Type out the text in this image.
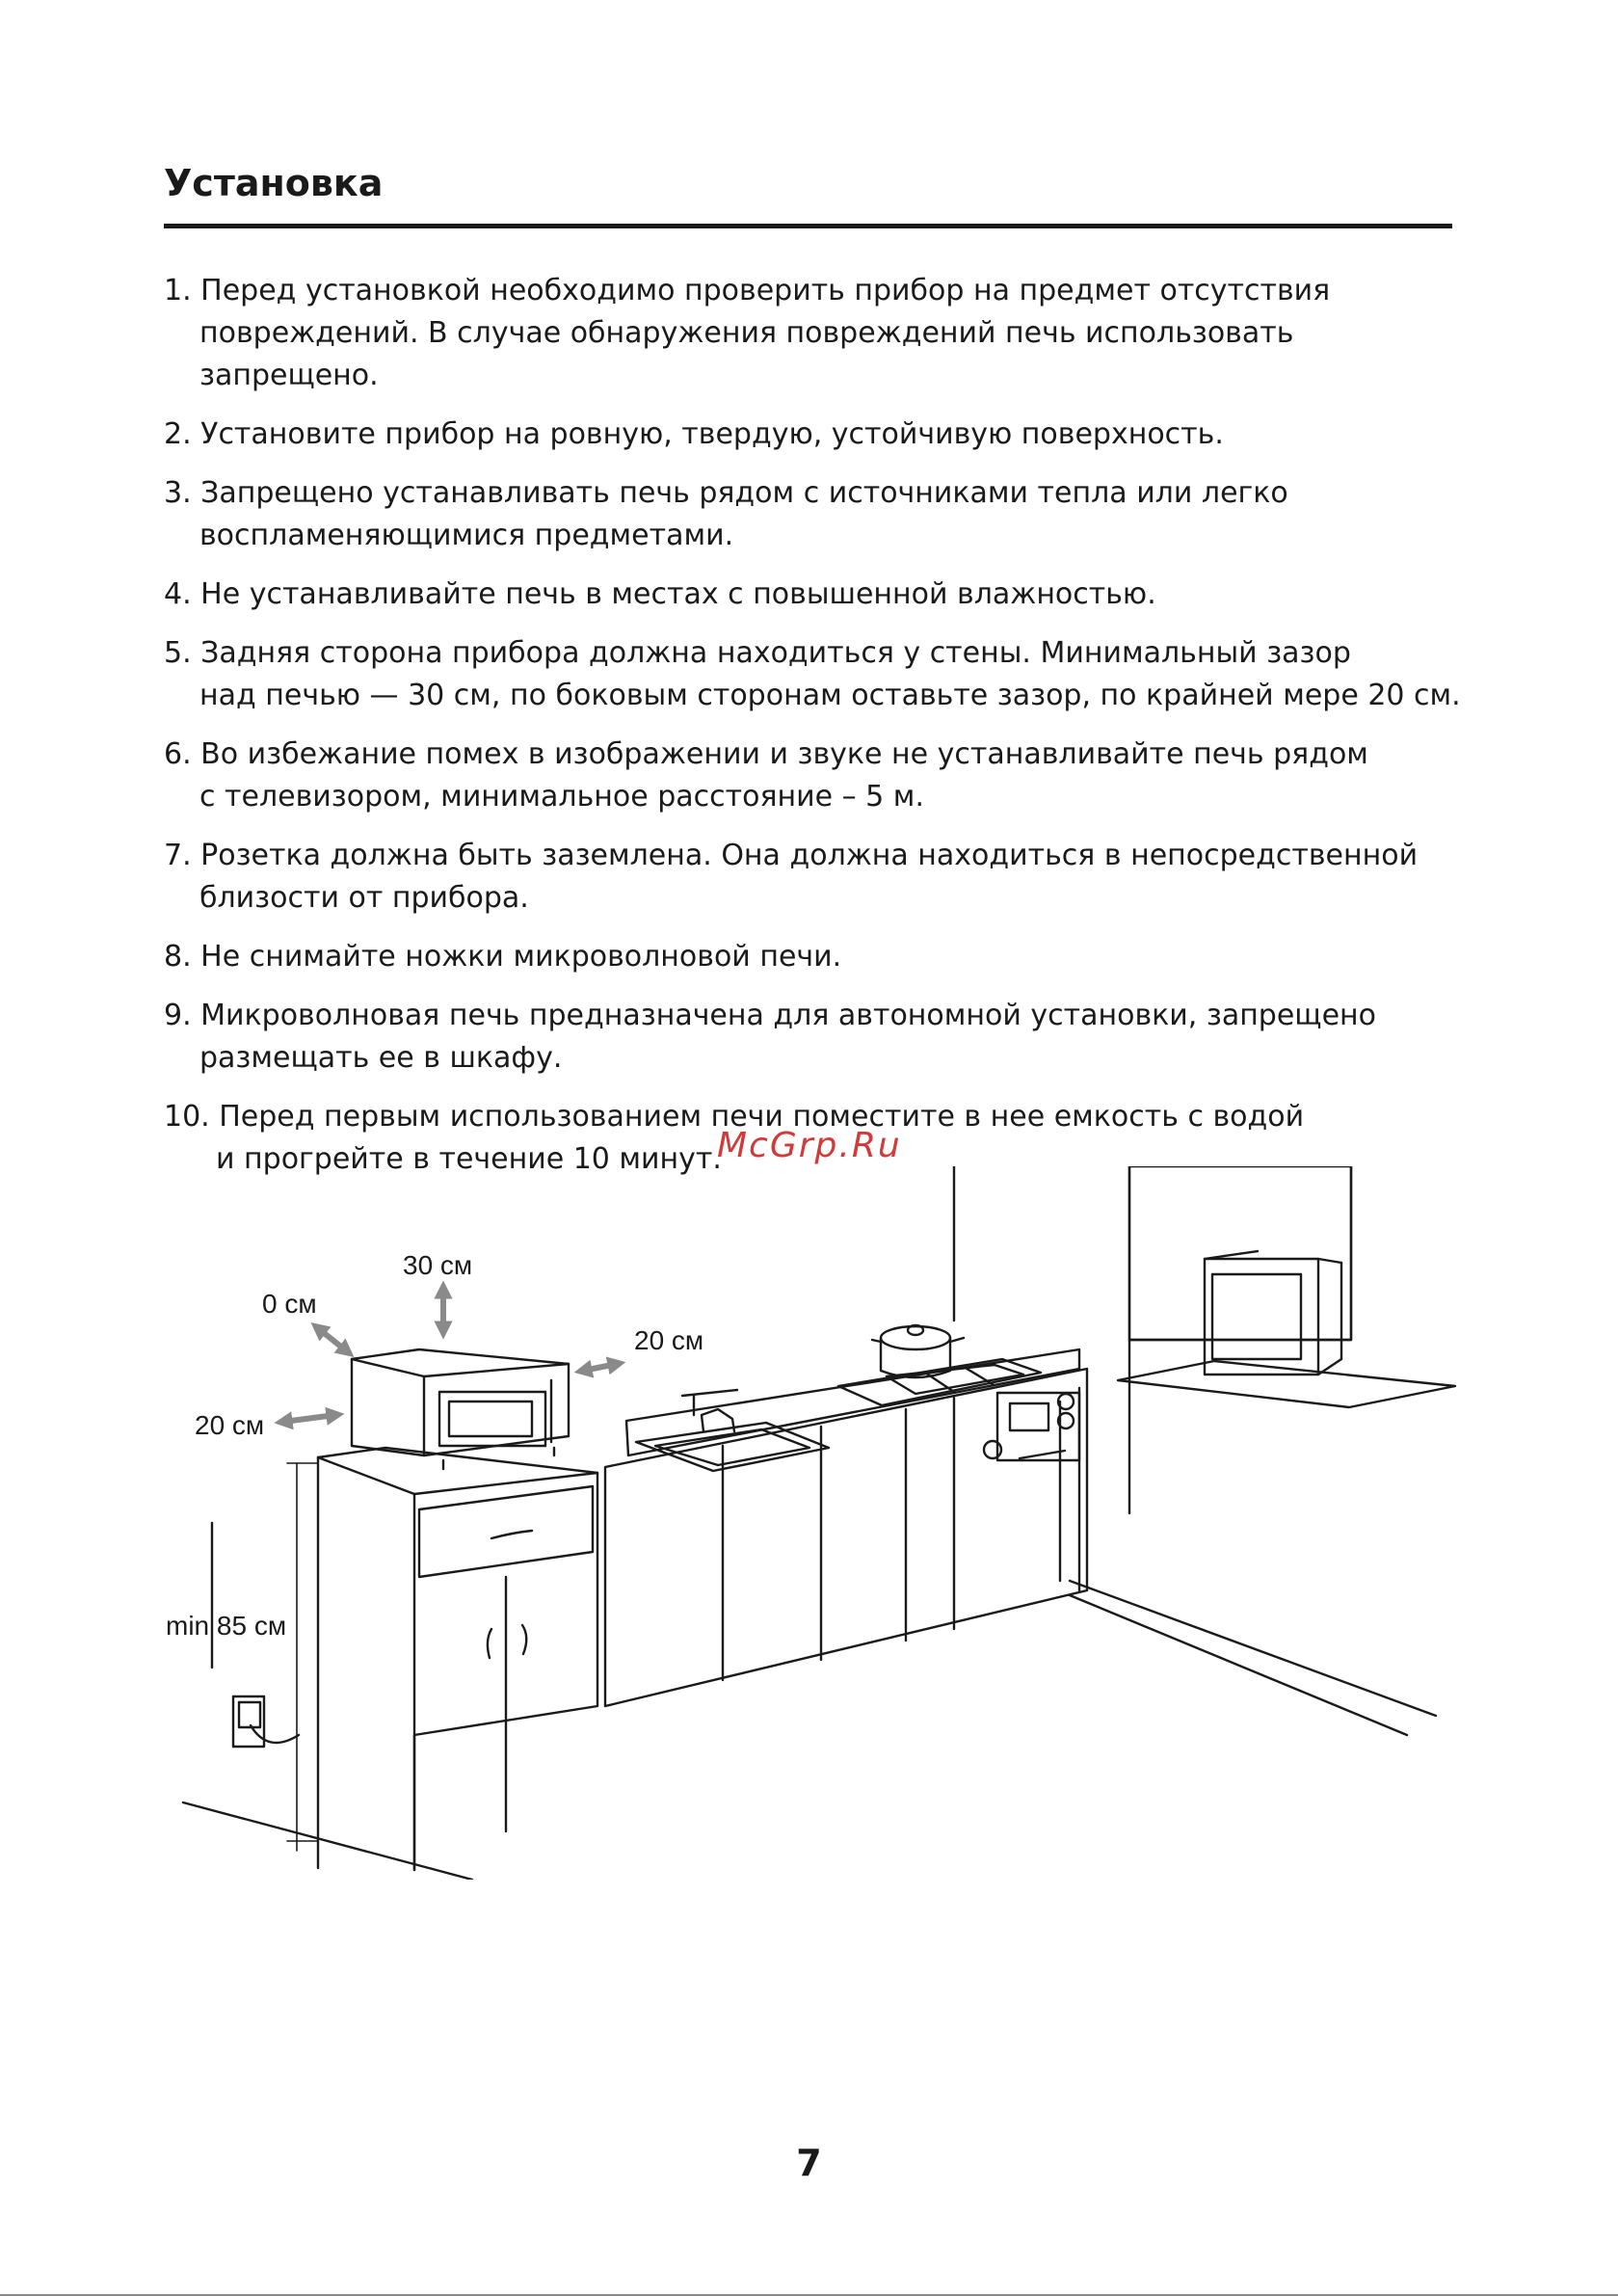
Установка
1. Перед установкой необходимо проверить прибор на предмет отсутствия
повреждений. В случае обнаружения повреждений печь использовать запрещено.
2. Установите прибор на ровную, твердую, устойчивую поверхность.
3. Запрещено устанавливать печь рядом с источниками тепла или легко
воспламеняющимися предметами.
4. Не устанавливайте печь в местах с повышенной влажностью.
5. Задняя сторона прибора должна находиться у стены. Минимальный зазор
над печью — 30 см, по боковым сторонам оставьте зазор, по крайней мере 20 см.
6. Во избежание помех в изображении и звуке не устанавливайте печь рядом
с телевизором, минимальное расстояние – 5 м.
7. Розетка должна быть заземлена. Она должна находиться в непосредственной
близости от прибора.
8. Не снимайте ножки микроволновой печи.
9. Микроволновая печь предназначена для автономной установки, запрещено
размещать ее в шкафу.
10. Перед первым использованием печи поместите в нее емкость с водой
и прогрейте в течение 10 минут.
McGrp.Ru
30 см
0 см
20 см
20 см
min 85 см
7
